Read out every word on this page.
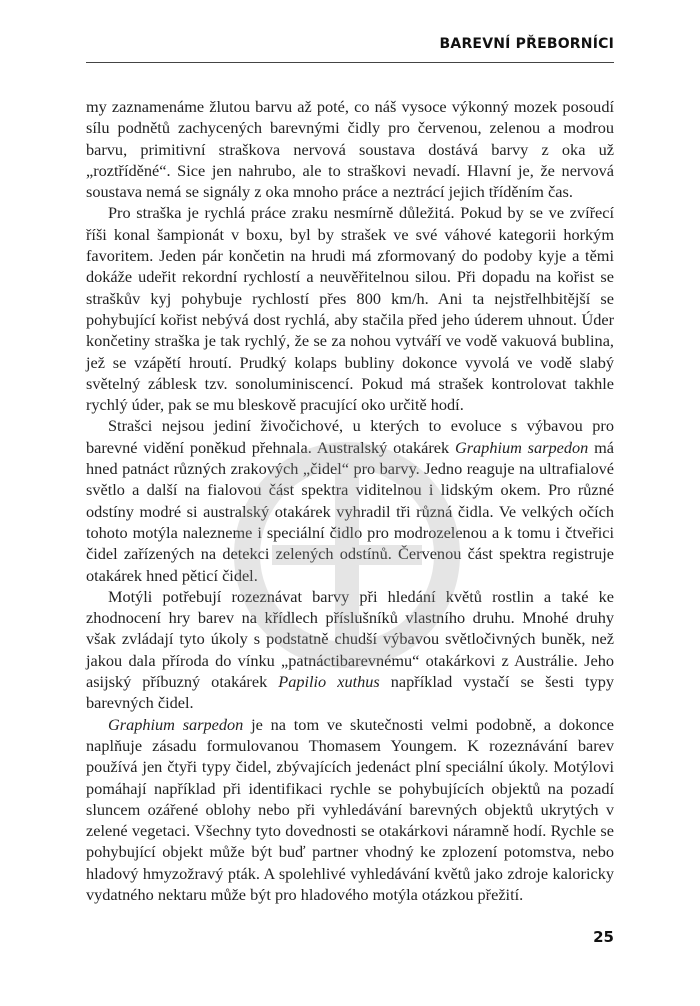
BAREVNÍ PŘEBORNÍCI

my zaznamenáme žlutou barvu až poté, co náš vysoce výkonný mozek posoudí sílu podnětů zachycených barevnými čidly pro červenou, zelenou a modrou barvu, primitivní straškova nervová soustava dostává barvy z oka už „roztříděné“. Sice jen nahrubo, ale to straškovi nevadí. Hlavní je, že nervová soustava nemá se signály z oka mnoho práce a neztrácí jejich tříděním čas.

Pro straška je rychlá práce zraku nesmírně důležitá. Pokud by se ve zvířecí říši konal šampionát v boxu, byl by strašek ve své váhové kategorii horkým favoritem. Jeden pár končetin na hrudi má zformovaný do podoby kyje a těmi dokáže udeřit rekordní rychlostí a neuvěřitelnou silou. Při dopadu na kořist se straškův kyj pohybuje rychlostí přes 800 km/h. Ani ta nejstřelhbitější se pohybující kořist nebývá dost rychlá, aby stačila před jeho úderem uhnout. Úder končetiny straška je tak rychlý, že se za nohou vytváří ve vodě vakuová bublina, jež se vzápětí hroutí. Prudký kolaps bubliny dokonce vyvolá ve vodě slabý světelný záblesk tzv. sonoluminiscencí. Pokud má strašek kontrolovat takhle rychlý úder, pak se mu bleskově pracující oko určitě hodí.

Strašci nejsou jediní živočichové, u kterých to evoluce s výbavou pro barevné vidění poněkud přehnala. Australský otakárek Graphium sarpedon má hned patnáct různých zrakových „čidel“ pro barvy. Jedno reaguje na ultrafialové světlo a další na fialovou část spektra viditelnou i lidským okem. Pro různé odstíny modré si australský otakárek vyhradil tři různá čidla. Ve velkých očích tohoto motýla nalezneme i speciální čidlo pro modrozelenou a k tomu i čtveřici čidel zařízených na detekci zelených odstínů. Červenou část spektra registruje otakárek hned pěticí čidel.

Motýli potřebují rozeznávat barvy při hledání květů rostlin a také ke zhodnocení hry barev na křídlech příslušníků vlastního druhu. Mnohé druhy však zvládají tyto úkoly s podstatně chudší výbavou světločivných buněk, než jakou dala příroda do vínku „patnáctibarevnému“ otakárkovi z Austrálie. Jeho asijský příbuzný otakárek Papilio xuthus například vystačí se šesti typy barevných čidel.

Graphium sarpedon je na tom ve skutečnosti velmi podobně, a dokonce naplňuje zásadu formulovanou Thomasem Youngem. K rozeznávání barev používá jen čtyři typy čidel, zbývajících jedenáct plní speciální úkoly. Motýlovi pomáhají například při identifikaci rychle se pohybujících objektů na pozadí sluncem ozářené oblohy nebo při vyhledávání barevných objektů ukrytých v zelené vegetaci. Všechny tyto dovednosti se otakárkovi náramně hodí. Rychle se pohybující objekt může být buď partner vhodný ke zplození potomstva, nebo hladový hmyzožravý pták. A spolehlivé vyhledávání květů jako zdroje kaloricky vydatného nektaru může být pro hladového motýla otázkou přežití.

25
